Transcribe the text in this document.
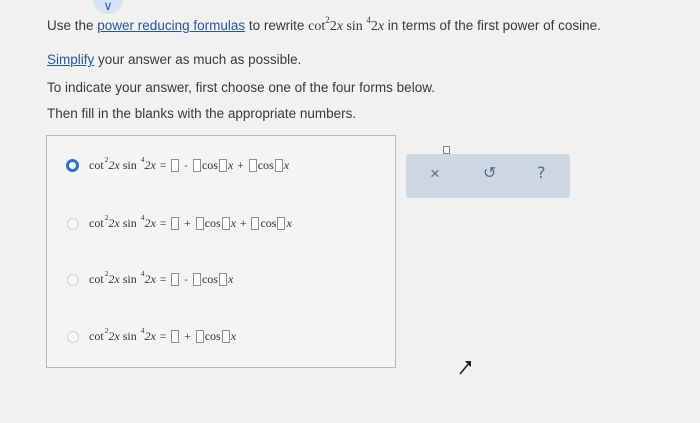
∨
Use the power reducing formulas to rewrite $\cot^22x$ sin $^4$2x in terms of the first power of cosine.
Simplify your answer as much as possible.
To indicate your answer, first choose one of the four forms below.
Then fill in the blanks with the appropriate numbers.
cot 2 2x
sin
4 2x = - cos x + cos x
cot 2 2x
sin
4 2x = + cos x + cos x
cot 2 2x
sin
4 2x = - cos x
cot 2 2x
sin
4 2x = + cos x
×	↺	?
